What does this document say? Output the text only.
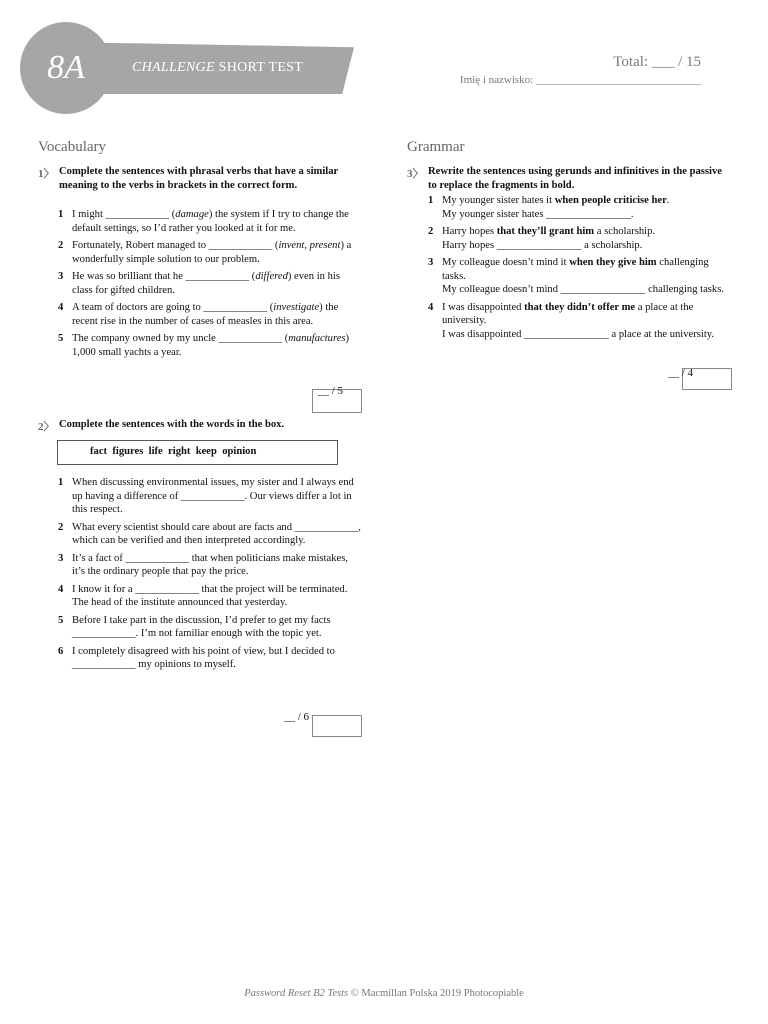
8A	CHALLENGE SHORT TEST	Total: ___ / 15
Imię i nazwisko: ______________________________
Vocabulary
1〉 Complete the sentences with phrasal verbs that have a similar meaning to the verbs in brackets in the correct form.
1 I might ____________ (damage) the system if I try to change the default settings, so I’d rather you looked at it for me.
2 Fortunately, Robert managed to ____________ (invent, present) a wonderfully simple solution to our problem.
3 He was so brilliant that he ____________ (differed) even in his class for gifted children.
4 A team of doctors are going to ____________ (investigate) the recent rise in the number of cases of measles in this area.
5 The company owned by my uncle ____________ (manufactures) 1,000 small yachts a year.
__ / 5
2〉 Complete the sentences with the words in the box.
fact  figures  life  right  keep  opinion
1 When discussing environmental issues, my sister and I always end up having a difference of ____________. Our views differ a lot in this respect.
2 What every scientist should care about are facts and ____________, which can be verified and then interpreted accordingly.
3 It’s a fact of ____________ that when politicians make mistakes, it’s the ordinary people that pay the price.
4 I know it for a ____________ that the project will be terminated. The head of the institute announced that yesterday.
5 Before I take part in the discussion, I’d prefer to get my facts ____________. I’m not familiar enough with the topic yet.
6 I completely disagreed with his point of view, but I decided to ____________ my opinions to myself.
__ / 6
Grammar
3〉 Rewrite the sentences using gerunds and infinitives in the passive to replace the fragments in bold.
1 My younger sister hates it when people criticise her.
My younger sister hates ________________.
2 Harry hopes that they’ll grant him a scholarship.
Harry hopes ________________ a scholarship.
3 My colleague doesn’t mind it when they give him challenging tasks.
My colleague doesn’t mind ________________ challenging tasks.
4 I was disappointed that they didn’t offer me a place at the university.
I was disappointed ________________ a place at the university.
__ / 4
Password Reset B2 Tests © Macmillan Polska 2019 Photocopiable
